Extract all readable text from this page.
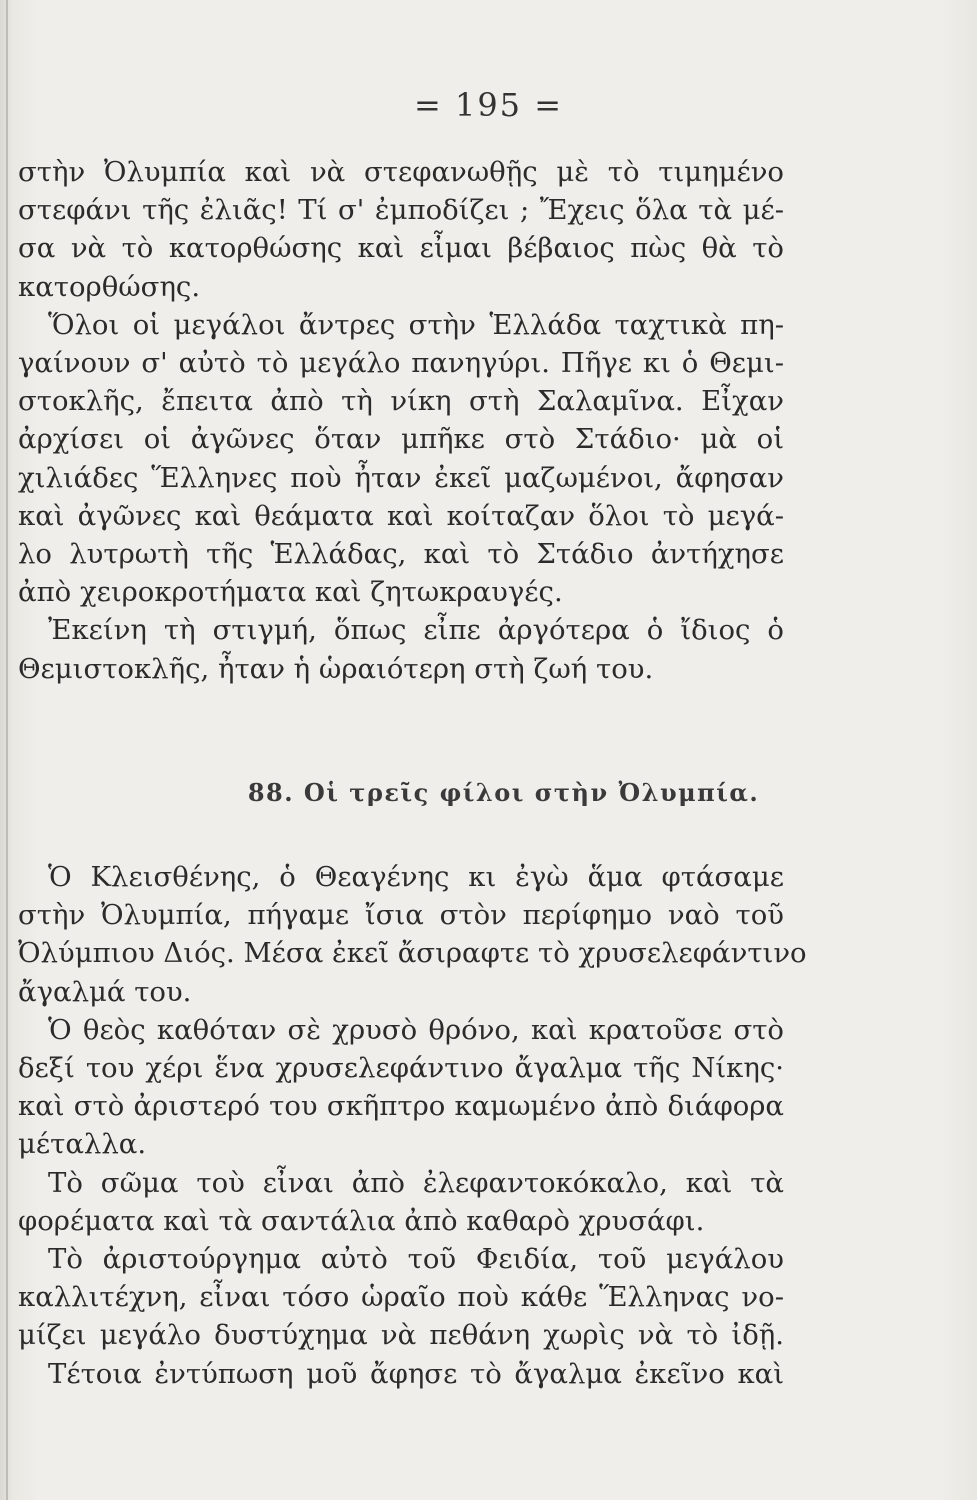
= 195 =
στὴν Ὀλυμπία καὶ νὰ στεφανωθῇς μὲ τὸ τιμημένο
στεφάνι τῆς ἐλιᾶς! Τί σ' ἐμποδίζει ; Ἔχεις ὅλα τὰ μέ-
σα νὰ τὸ κατορθώσης καὶ εἶμαι βέβαιος πὼς θὰ τὸ
κατορθώσης.
Ὅλοι οἱ μεγάλοι ἄντρες στὴν Ἑλλάδα ταχτικὰ πη-
γαίνουν σ' αὐτὸ τὸ μεγάλο πανηγύρι. Πῆγε κι ὁ Θεμι-
στοκλῆς, ἔπειτα ἀπὸ τὴ νίκη στὴ Σαλαμῖνα. Εἶχαν
ἀρχίσει οἱ ἀγῶνες ὅταν μπῆκε στὸ Στάδιο· μὰ οἱ
χιλιάδες Ἕλληνες ποὺ ἦταν ἐκεῖ μαζωμένοι, ἄφησαν
καὶ ἀγῶνες καὶ θεάματα καὶ κοίταζαν ὅλοι τὸ μεγά-
λο λυτρωτὴ τῆς Ἑλλάδας, καὶ τὸ Στάδιο ἀντήχησε
ἀπὸ χειροκροτήματα καὶ ζητωκραυγές.
Ἐκείνη τὴ στιγμή, ὅπως εἶπε ἀργότερα ὁ ἴδιος ὁ
Θεμιστοκλῆς, ἦταν ἡ ὡραιότερη στὴ ζωή του.
88. Οἱ τρεῖς φίλοι στὴν Ὀλυμπία.
Ὁ Κλεισθένης, ὁ Θεαγένης κι ἐγὼ ἅμα φτάσαμε
στὴν Ὀλυμπία, πήγαμε ἴσια στὸν περίφημο ναὸ τοῦ
Ὀλύμπιου Διός. Μέσα ἐκεῖ ἄσιραφτε τὸ χρυσελεφάντινο
ἄγαλμά του.
Ὁ θεὸς καθόταν σὲ χρυσὸ θρόνο, καὶ κρατοῦσε στὸ
δεξί του χέρι ἕνα χρυσελεφάντινο ἄγαλμα τῆς Νίκης·
καὶ στὸ ἀριστερό του σκῆπτρο καμωμένο ἀπὸ διάφορα
μέταλλα.
Τὸ σῶμα τοὺ εἶναι ἀπὸ ἐλεφαντοκόκαλο, καὶ τὰ
φορέματα καὶ τὰ σαντάλια ἀπὸ καθαρὸ χρυσάφι.
Τὸ ἀριστούργημα αὐτὸ τοῦ Φειδία, τοῦ μεγάλου
καλλιτέχνη, εἶναι τόσο ὡραῖο ποὺ κάθε Ἕλληνας νο-
μίζει μεγάλο δυστύχημα νὰ πεθάνη χωρὶς νὰ τὸ ἰδῇ.
Τέτοια ἐντύπωση μοῦ ἄφησε τὸ ἄγαλμα ἐκεῖνο καὶ
